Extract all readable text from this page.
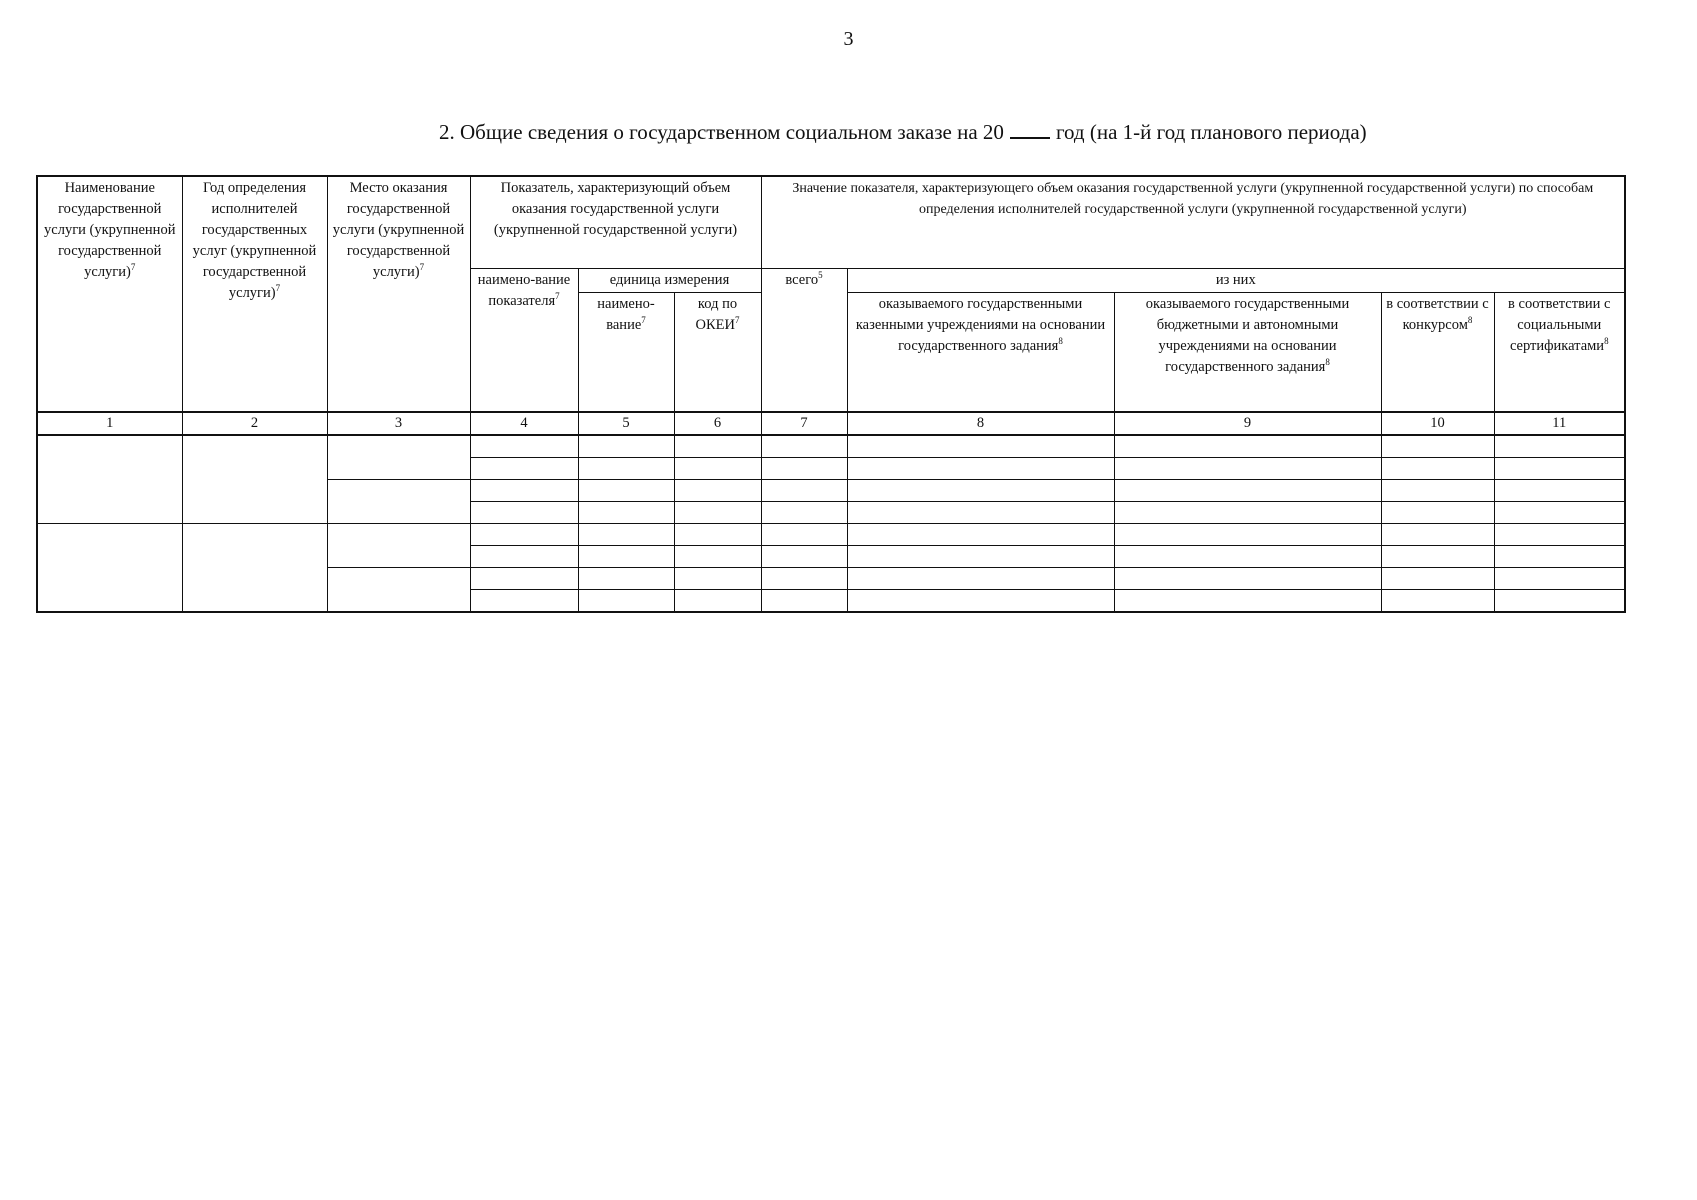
3
2. Общие сведения о государственном социальном заказе на 20 год (на 1-й год планового периода)
Наименование государственной услуги (укрупненной государственной услуги)$^7$	Год определения исполнителей государственных услуг (укрупненной государственной услуги)$^7$	Место оказания государственной услуги (укрупненной государственной услуги)$^7$	Показатель, характеризующий объем оказания государственной услуги (укрупненной государственной услуги)			Значение показателя, характеризующего объем оказания государственной услуги (укрупненной государственной услуги) по способам определения исполнителей государственной услуги (укрупненной государственной услуги)				
			наимено-вание показателя$^7$	единица измерения		всего$^5$	из них			
				наимено-вание$^7$	код по ОКЕИ$^7$		оказываемого государственными казенными учреждениями на основании государственного задания$^8$	оказываемого государственными бюджетными и автономными учреждениями на основании государственного задания$^8$	в соответствии с конкурсом$^8$	в соответствии с социальными сертификатами$^8$
1	2	3	4	5	6	7	8	9	10	11
